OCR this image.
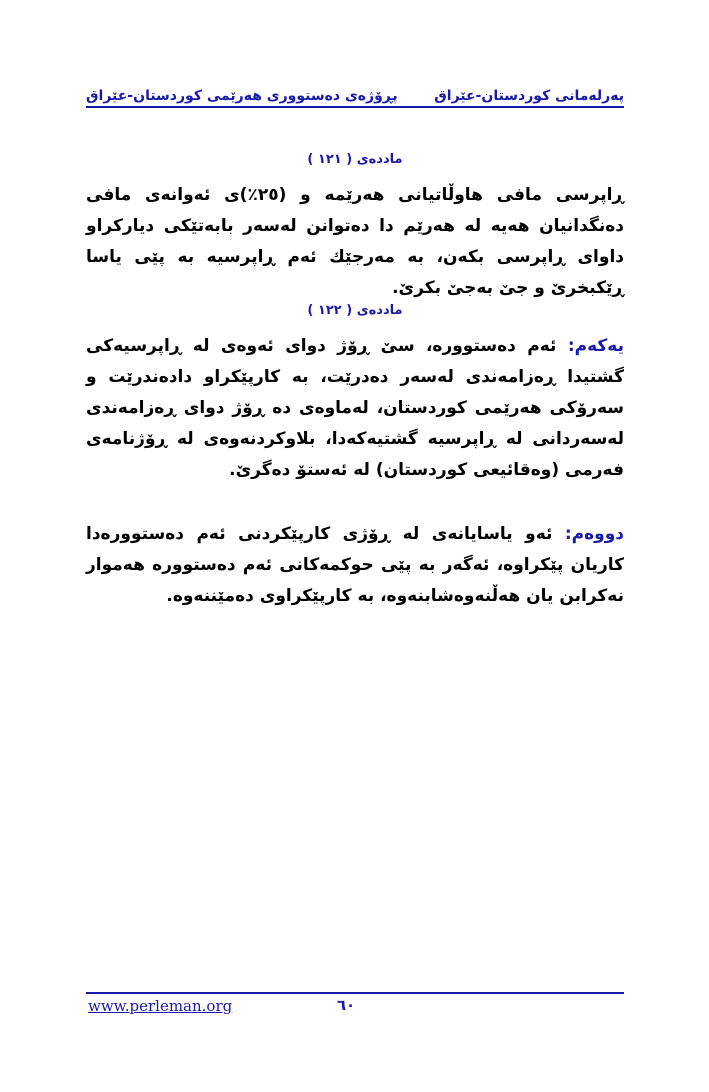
پەرلەمانی کوردستان-عێراق
پڕۆژەی دەستووری هەرێمی کوردستان-عێراق
ماددەی ( ١٢١ )

ڕاپرسی مافی هاوڵاتیانی هەرێمە و (٢٥٪)ی ئەوانەی مافی دەنگدانیان هەیە لە هەرێم دا دەتوانن لەسەر بابەتێکی دیارکراو داوای ڕاپرسی بکەن، بە مەرجێك ئەم ڕاپرسیە بە پێی یاسا ڕێکبخرێ و جێ بەجێ بکرێ.

ماددەی ( ١٢٢ )

یەکەم: ئەم دەستوورە، سێ ڕۆژ دوای ئەوەی لە ڕاپرسیەکی گشتیدا ڕەزامەندی لەسەر دەدرێت، بە کارپێکراو دادەندرێت و سەرۆکی هەرێمی کوردستان، لەماوەی دە ڕۆژ دوای ڕەزامەندی لەسەردانی لە ڕاپرسیە گشتیەکەدا، بلاوکردنەوەی لە ڕۆژنامەی فەرمی (وەقائیعی کوردستان) لە ئەستۆ دەگرێ.

دووەم: ئەو یاسایانەی لە ڕۆژی کارپێکردنی ئەم دەستوورەدا کاریان پێکراوە، ئەگەر بە پێی حوکمەکانی ئەم دەستوورە هەموار نەکرابن یان هەڵنەوەشابنەوە، بە کارپێکراوی دەمێننەوە.

www.perleman.org	٦٠
